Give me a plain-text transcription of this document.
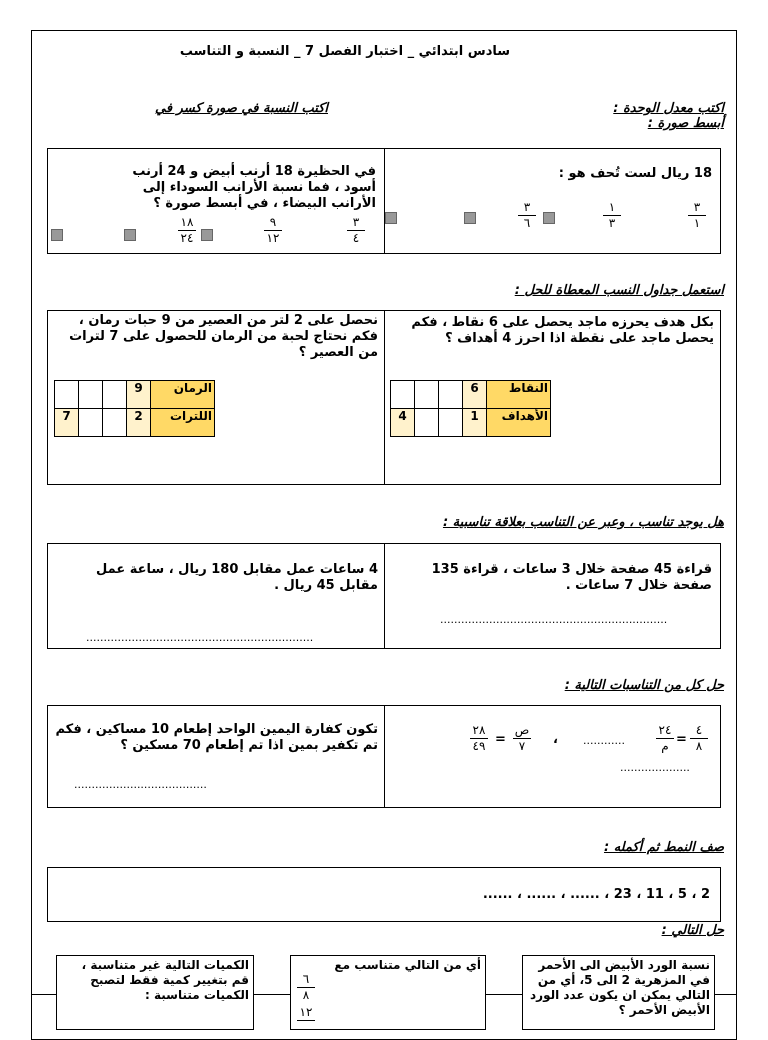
سادس ابتدائي _ اختبار الفصل 7 _ النسبة و التناسب
اكتب معدل الوحدة :
أبسط صورة :
اكتب النسبة في صورة كسر في
18 ريال لست تُحف هو :
٣
١
١
٣
٣
٦
في الحظيرة 18 أرنب أبيض و 24 أرنب أسود ، فما نسبة الأرانب السوداء إلى الأرانب البيضاء ، في أبسط صورة ؟
٣
٤
٩
١٢
١٨
٢٤
استعمل جداول النسب المعطاة للحل :
بكل هدف يحرزه ماجد يحصل على 6 نقاط ، فكم يحصل ماجد على نقطة اذا احرز 4 أهداف ؟
			6	النقاط
4			1	الأهداف
نحصل على 2 لتر من العصير من 9 حبات رمان ، فكم نحتاج لحبة من الرمان للحصول على 7 لترات من العصير ؟
			9	الرمان
7			2	اللترات
هل يوجد تناسب ، وعبر عن التناسب بعلاقة تناسبية :
قراءة 45 صفحة خلال 3 ساعات ، قراءة 135 صفحة خلال 7 ساعات .
.................................................................
4 ساعات عمل مقابل 180 ريال ، ساعة عمل مقابل 45 ريال .
.................................................................
حل كل من التناسبات التالية :
٤
٨
=
٢٤
م
............
،
ص
٧
=
٢٨
٤٩
....................
تكون كفارة اليمين الواحد إطعام 10 مساكين ، فكم تم تكفير بمين اذا تم إطعام 70 مسكين ؟
......................................
صف النمط ثم أكمله :
2 ، 5 ، 11 ، 23 ، ...... ، ...... ، ......
حل التالي :
نسبة الورد الأبيض الى الأحمر في المزهرية 2 الى 5، أي من التالي يمكن ان يكون عدد الورد الأبيض الأحمر ؟
أي من التالي متناسب مع
٦
٨
١٢
الكميات التالية غير متناسبة ، قم بتغيير كمية فقط لتصبح الكميات متناسبة :
